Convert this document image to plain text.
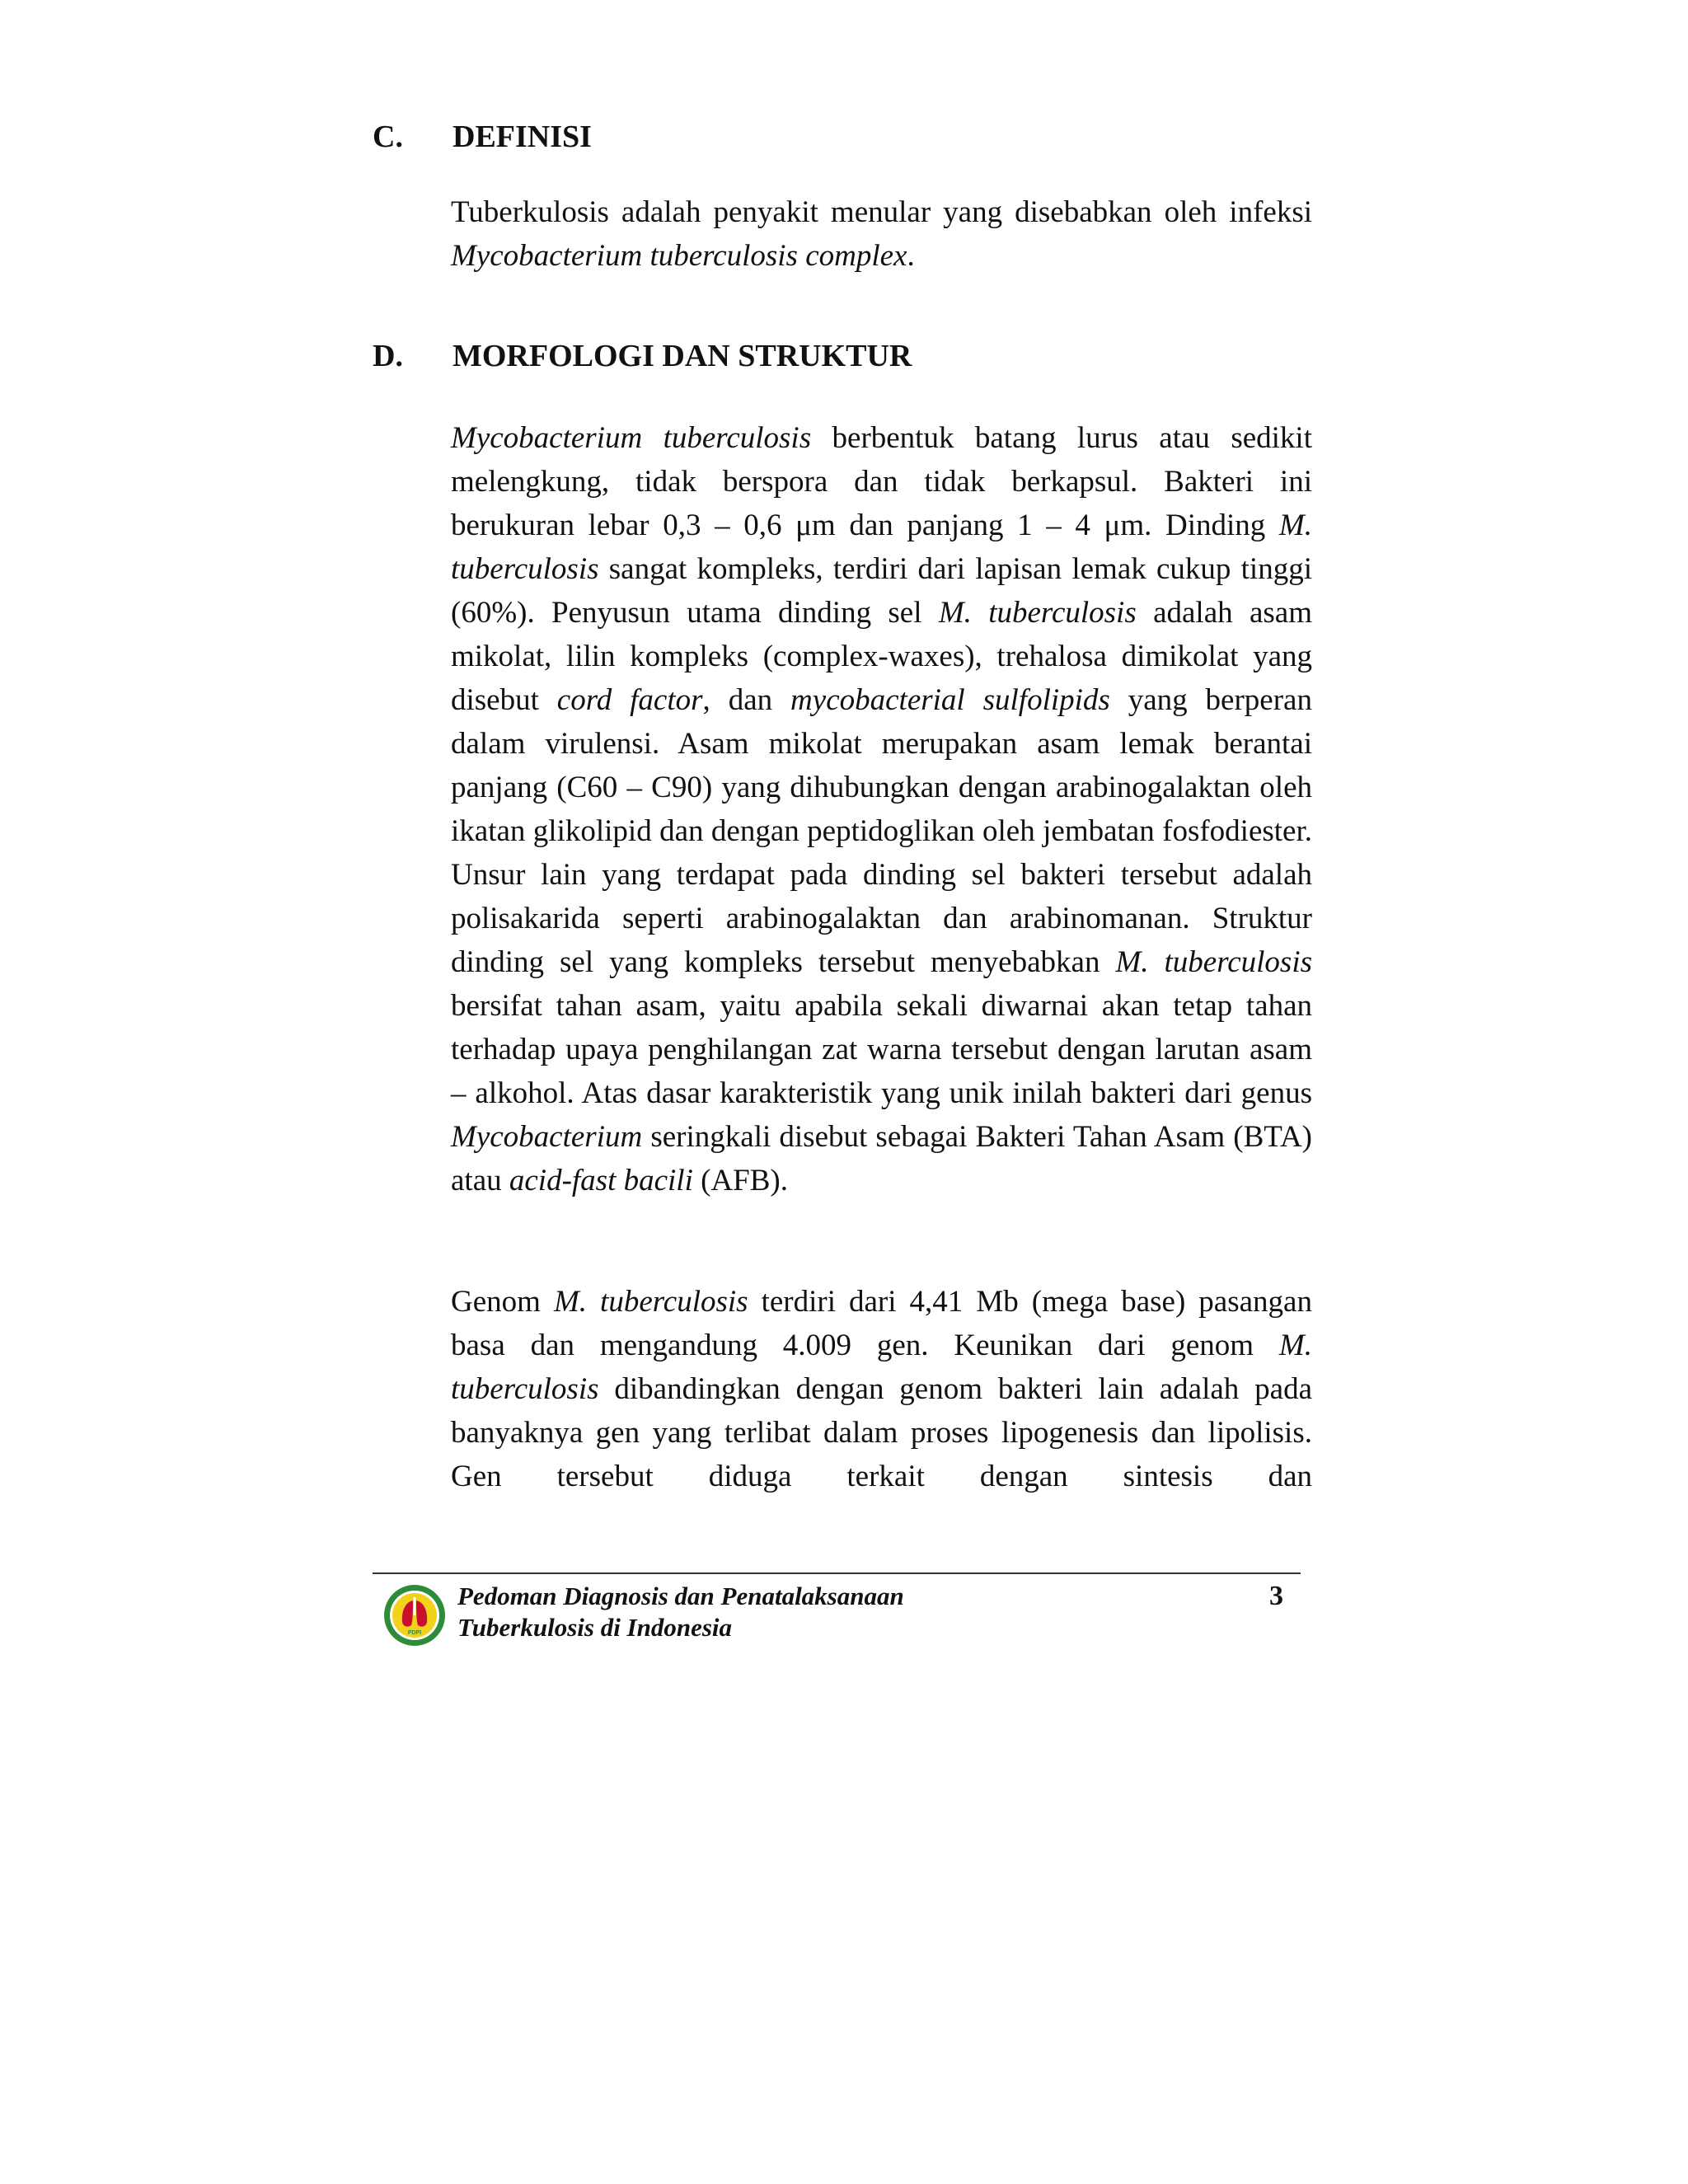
C. DEFINISI

Tuberkulosis adalah penyakit menular yang disebabkan oleh infeksi Mycobacterium tuberculosis complex.

D. MORFOLOGI DAN STRUKTUR

Mycobacterium tuberculosis berbentuk batang lurus atau sedikit melengkung, tidak berspora dan tidak berkapsul. Bakteri ini berukuran lebar 0,3 – 0,6 μm dan panjang 1 – 4 μm. Dinding M. tuberculosis sangat kompleks, terdiri dari lapisan lemak cukup tinggi (60%). Penyusun utama dinding sel M. tuberculosis adalah asam mikolat, lilin kompleks (complex-waxes), trehalosa dimikolat yang disebut cord factor, dan mycobacterial sulfolipids yang berperan dalam virulensi. Asam mikolat merupakan asam lemak berantai panjang (C60 – C90) yang dihubungkan dengan arabinogalaktan oleh ikatan glikolipid dan dengan peptidoglikan oleh jembatan fosfodiester. Unsur lain yang terdapat pada dinding sel bakteri tersebut adalah polisakarida seperti arabinogalaktan dan arabinomanan. Struktur dinding sel yang kompleks tersebut menyebabkan M. tuberculosis bersifat tahan asam, yaitu apabila sekali diwarnai akan tetap tahan terhadap upaya penghilangan zat warna tersebut dengan larutan asam – alkohol. Atas dasar karakteristik yang unik inilah bakteri dari genus Mycobacterium seringkali disebut sebagai Bakteri Tahan Asam (BTA) atau acid-fast bacili (AFB).

Genom M. tuberculosis terdiri dari 4,41 Mb (mega base) pasangan basa dan mengandung 4.009 gen. Keunikan dari genom M. tuberculosis dibandingkan dengan genom bakteri lain adalah pada banyaknya gen yang terlibat dalam proses lipogenesis dan lipolisis. Gen tersebut diduga terkait dengan sintesis dan

PDPI
Pedoman Diagnosis dan Penatalaksanaan
Tuberkulosis di Indonesia
3
